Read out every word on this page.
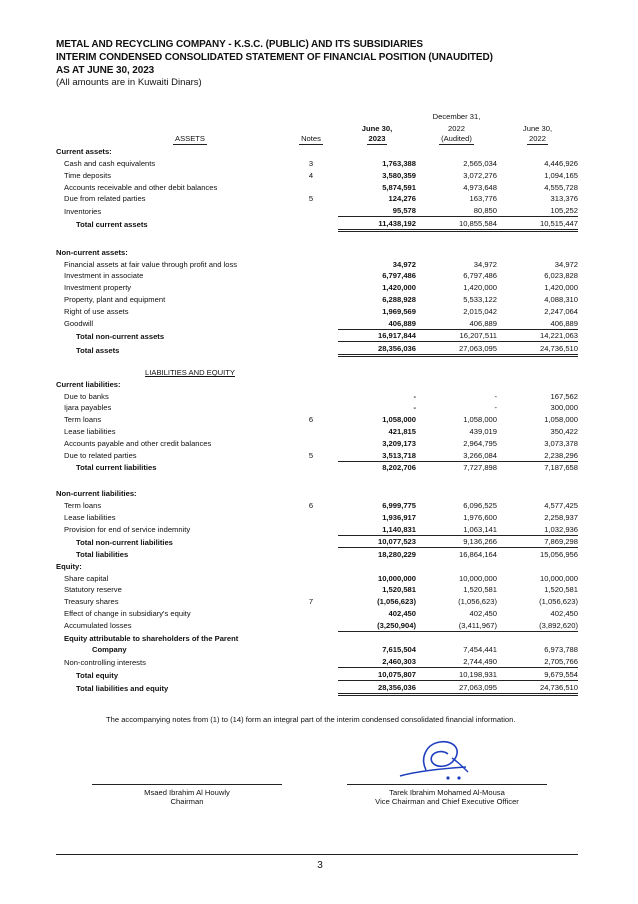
METAL AND RECYCLING COMPANY - K.S.C. (PUBLIC) AND ITS SUBSIDIARIES
INTERIM CONDENSED CONSOLIDATED STATEMENT OF FINANCIAL POSITION (UNAUDITED)
AS AT JUNE 30, 2023
(All amounts are in Kuwaiti Dinars)
			December 31,	
		June 30,	2022	June 30,
ASSETS	Notes	2023	(Audited)	2022
Current assets:				
Cash and cash equivalents	3	1,763,388	2,565,034	4,446,926
Time deposits	4	3,580,359	3,072,276	1,094,165
Accounts receivable and other debit balances		5,874,591	4,973,648	4,555,728
Due from related parties	5	124,276	163,776	313,376
Inventories		95,578	80,850	105,252
Total current assets		11,438,192	10,855,584	10,515,447

Non-current assets:				
Financial assets at fair value through profit and loss		34,972	34,972	34,972
Investment in associate		6,797,486	6,797,486	6,023,828
Investment property		1,420,000	1,420,000	1,420,000
Property, plant and equipment		6,288,928	5,533,122	4,088,310
Right of use assets		1,969,569	2,015,042	2,247,064
Goodwill		406,889	406,889	406,889
Total non-current assets		16,917,844	16,207,511	14,221,063
Total assets		28,356,036	27,063,095	24,736,510

LIABILITIES AND EQUITY				
Current liabilities:				
Due to banks		-	-	167,562
Ijara payables		-	-	300,000
Term loans	6	1,058,000	1,058,000	1,058,000
Lease liabilities		421,815	439,019	350,422
Accounts payable and other credit balances		3,209,173	2,964,795	3,073,378
Due to related parties	5	3,513,718	3,266,084	2,238,296
Total current liabilities		8,202,706	7,727,898	7,187,658

Non-current liabilities:				
Term loans	6	6,999,775	6,096,525	4,577,425
Lease liabilities		1,936,917	1,976,600	2,258,937
Provision for end of service indemnity		1,140,831	1,063,141	1,032,936
Total non-current liabilities		10,077,523	9,136,266	7,869,298
Total liabilities		18,280,229	16,864,164	15,056,956
Equity:				
Share capital		10,000,000	10,000,000	10,000,000
Statutory reserve		1,520,581	1,520,581	1,520,581
Treasury shares	7	(1,056,623)	(1,056,623)	(1,056,623)
Effect of change in subsidiary's equity		402,450	402,450	402,450
Accumulated losses		(3,250,904)	(3,411,967)	(3,892,620)
Equity attributable to shareholders of the Parent				
Company		7,615,504	7,454,441	6,973,788
Non-controlling interests		2,460,303	2,744,490	2,705,766
Total equity		10,075,807	10,198,931	9,679,554
Total liabilities and equity		28,356,036	27,063,095	24,736,510
The accompanying notes from (1) to (14) form an integral part of the interim condensed consolidated financial information.
Msaed Ibrahim Al Houwly
Chairman
Tarek Ibrahim Mohamed Al-Mousa
Vice Chairman and Chief Executive Officer
3
